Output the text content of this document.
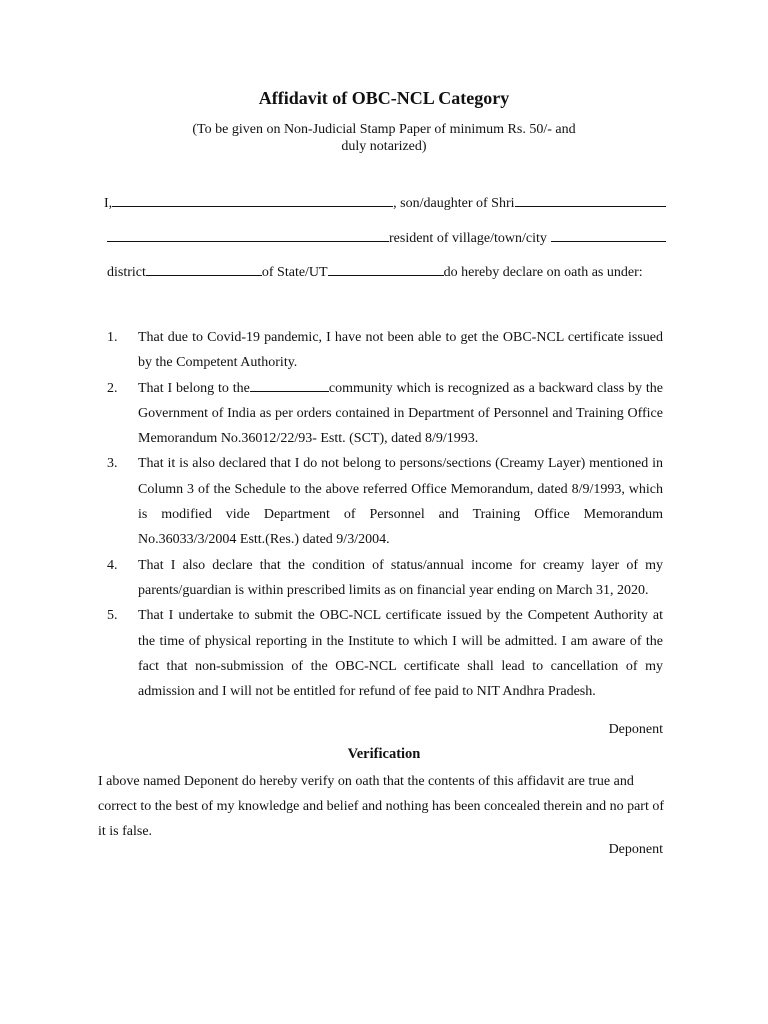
Affidavit of OBC-NCL Category
(To be given on Non-Judicial Stamp Paper of minimum Rs. 50/- and duly notarized)
I,	, son/daughter of Shri
resident of village/town/city
district	of State/UT	do hereby declare on oath as under:
1. That due to Covid-19 pandemic, I have not been able to get the OBC-NCL certificate issued by the Competent Authority.
2. That I belong to the	community which is recognized as a backward class by the Government of India as per orders contained in Department of Personnel and Training Office Memorandum No.36012/22/93- Estt. (SCT), dated 8/9/1993.
3. That it is also declared that I do not belong to persons/sections (Creamy Layer) mentioned in Column 3 of the Schedule to the above referred Office Memorandum, dated 8/9/1993, which is modified vide Department of Personnel and Training Office Memorandum No.36033/3/2004 Estt.(Res.) dated 9/3/2004.
4. That I also declare that the condition of status/annual income for creamy layer of my parents/guardian is within prescribed limits as on financial year ending on March 31, 2020.
5. That I undertake to submit the OBC-NCL certificate issued by the Competent Authority at the time of physical reporting in the Institute to which I will be admitted. I am aware of the fact that non-submission of the OBC-NCL certificate shall lead to cancellation of my admission and I will not be entitled for refund of fee paid to NIT Andhra Pradesh.
Deponent
Verification
I above named Deponent do hereby verify on oath that the contents of this affidavit are true and correct to the best of my knowledge and belief and nothing has been concealed therein and no part of it is false.
Deponent
